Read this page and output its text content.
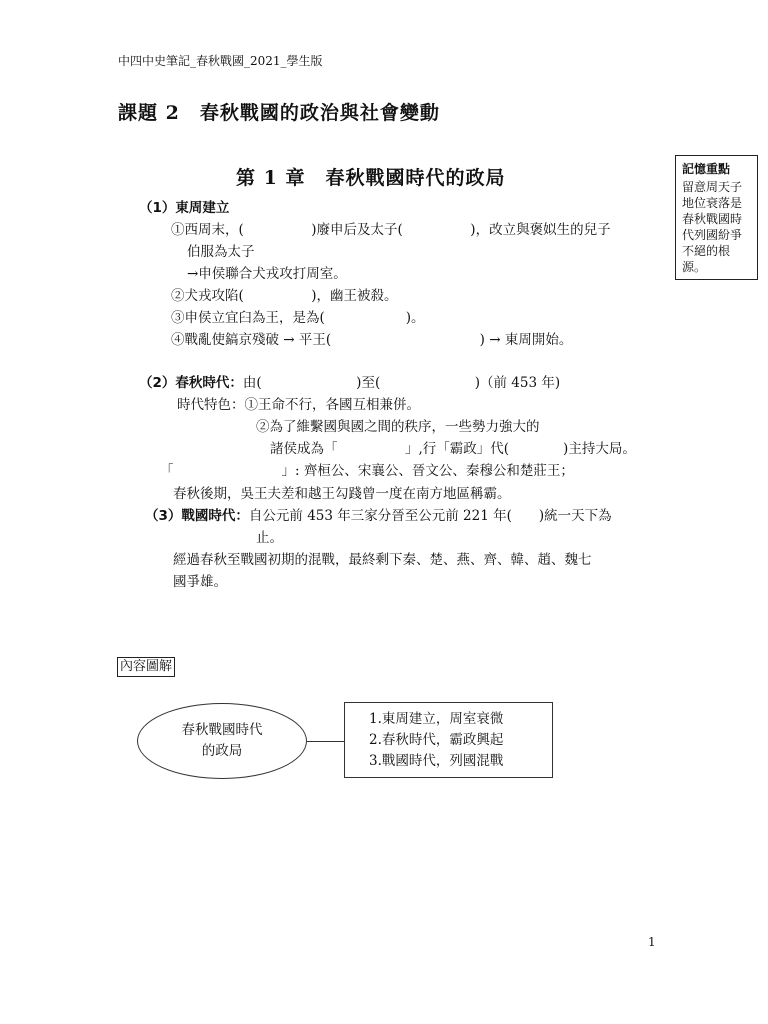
中四中史筆記_春秋戰國_2021_學生版
課題 2　春秋戰國的政治與社會變動
第 1 章　春秋戰國時代的政局	記憶重點
留意周天子地位衰落是春秋戰國時代列國紛爭不絕的根源。
（1）東周建立
①西周末，(　　　　　)廢申后及太子(　　　　　)，改立與褒姒生的兒子
伯服為太子
→申侯聯合犬戎攻打周室。
②犬戎攻陷(　　　　　)，幽王被殺。
③申侯立宜臼為王，是為(　　　　　　)。
④戰亂使鎬京殘破 → 平王(　　　　　　　　　　　) → 東周開始。
（2）春秋時代：由(　　　　　　　)至(　　　　　　　)（前 453 年)
時代特色：①王命不行，各國互相兼併。
②為了維繫國與國之間的秩序，一些勢力強大的
諸侯成為「　　　　　」,行「霸政」代(　　　　)主持大局。
「　　　　　　　　」: 齊桓公、宋襄公、晉文公、秦穆公和楚莊王；
春秋後期，吳王夫差和越王勾踐曾一度在南方地區稱霸。
（3）戰國時代：自公元前 453 年三家分晉至公元前 221 年(　　)統一天下為
止。
經過春秋至戰國初期的混戰，最終剩下秦、楚、燕、齊、韓、趙、魏七
國爭雄。
內容圖解
春秋戰國時代
的政局
1.東周建立，周室衰微
2.春秋時代，霸政興起
3.戰國時代，列國混戰
1
